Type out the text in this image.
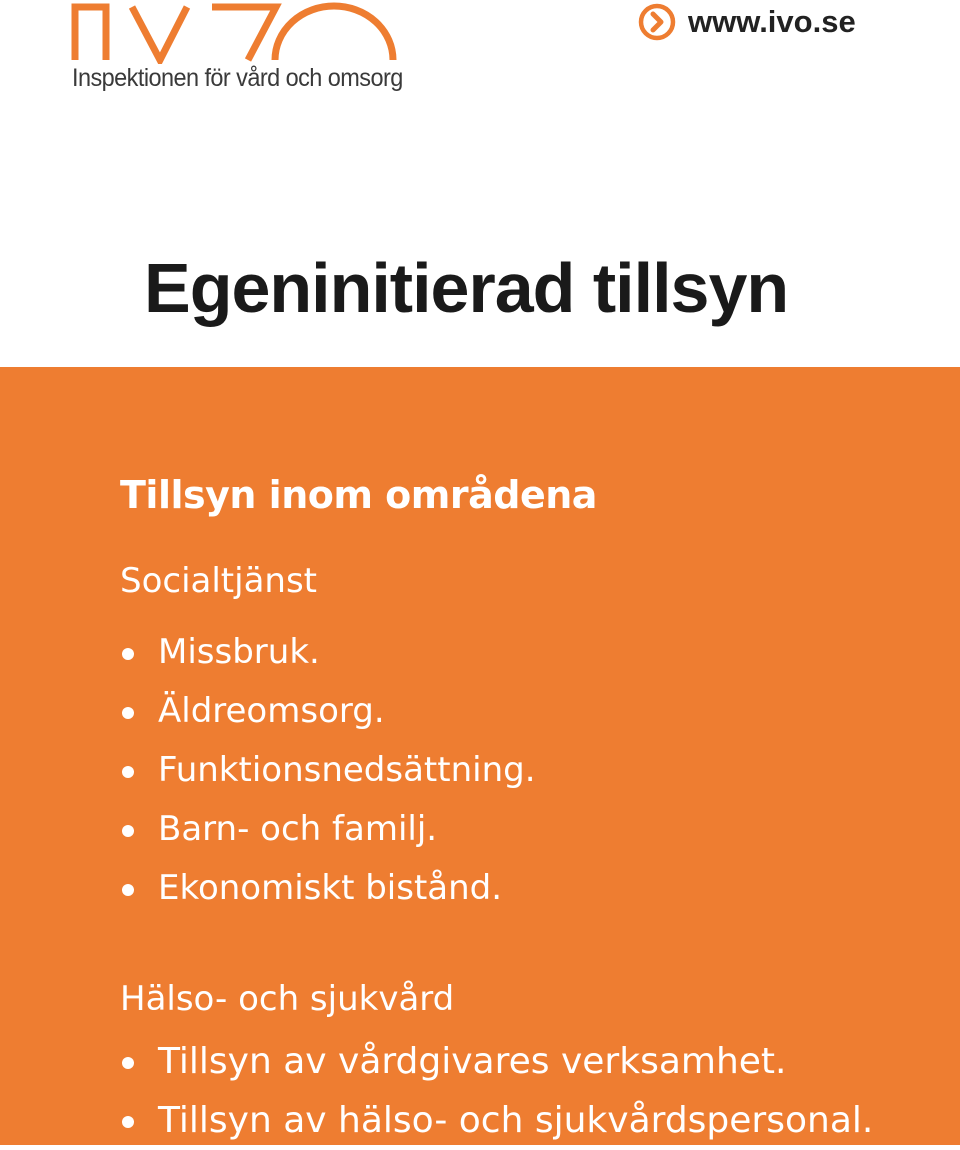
Inspektionen för vård och omsorg
www.ivo.se
Egeninitierad tillsyn
Tillsyn inom områdena
Socialtjänst
Missbruk.
Äldreomsorg.
Funktionsnedsättning.
Barn- och familj.
Ekonomiskt bistånd.
Hälso- och sjukvård
Tillsyn av vårdgivares verksamhet.
Tillsyn av hälso- och sjukvårdspersonal.
